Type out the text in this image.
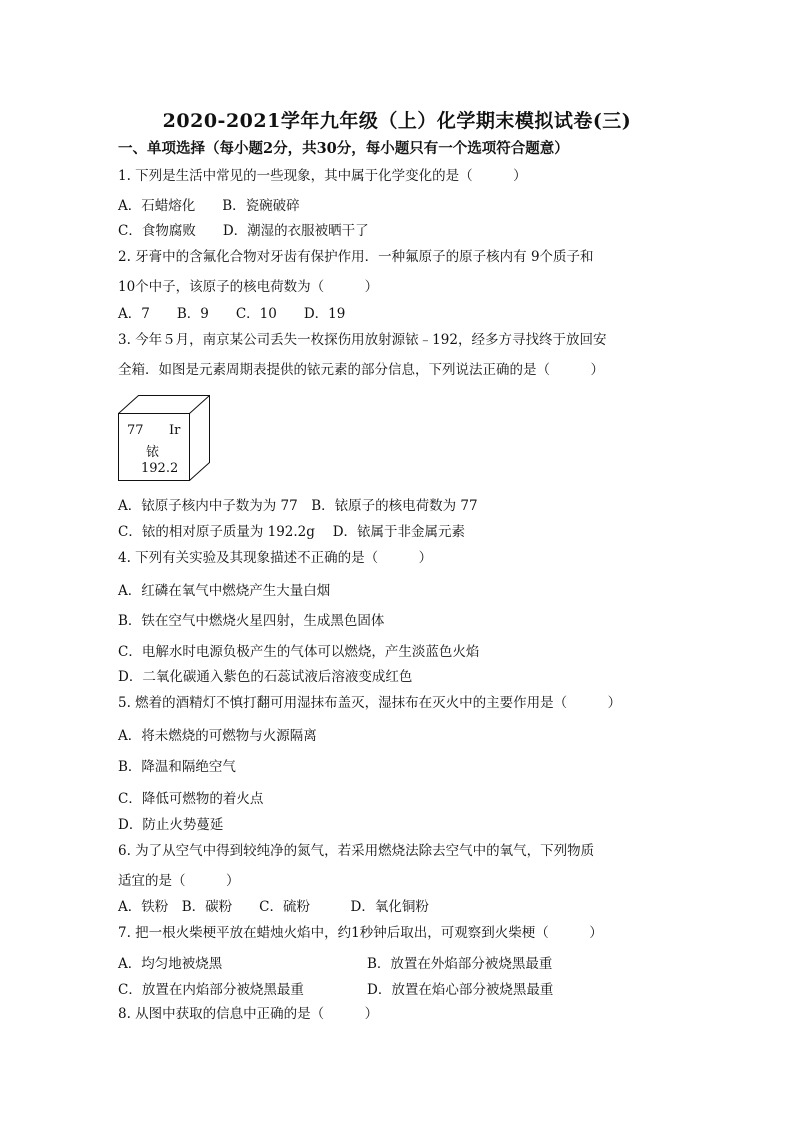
2020-2021学年九年级（上）化学期末模拟试卷(三)
一、单项选择（每小题2分，共30分，每小题只有一个选项符合题意）
1. 下列是生活中常见的一些现象，其中属于化学变化的是（　　　）
A．石蜡熔化　　B．瓷碗破碎
C．食物腐败　　D．潮湿的衣服被晒干了
2. 牙膏中的含氟化合物对牙齿有保护作用．一种氟原子的原子核内有 9个质子和
10个中子，该原子的核电荷数为（　　　）
A．7　　B．9　　C．10　　D．19
3. 今年５月，南京某公司丢失一枚探伤用放射源铱﹣192，经多方寻找终于放回安
全箱．如图是元素周期表提供的铱元素的部分信息，下列说法正确的是（　　　）
77 Ir
铱
192.2
A．铱原子核内中子数为为 77　B．铱原子的核电荷数为 77
C．铱的相对原子质量为 192.2g　 D．铱属于非金属元素
4. 下列有关实验及其现象描述不正确的是（　　　）
A．红磷在氧气中燃烧产生大量白烟
B．铁在空气中燃烧火星四射，生成黑色固体
C．电解水时电源负极产生的气体可以燃烧，产生淡蓝色火焰
D．二氧化碳通入紫色的石蕊试液后溶液变成红色
5. 燃着的酒精灯不慎打翻可用湿抹布盖灭，湿抹布在灭火中的主要作用是（　　　）
A．将未燃烧的可燃物与火源隔离
B．降温和隔绝空气
C．降低可燃物的着火点
D．防止火势蔓延
6. 为了从空气中得到较纯净的氮气，若采用燃烧法除去空气中的氧气，下列物质
适宜的是（　　　）
A．铁粉　B．碳粉　　C．硫粉　　　D．氧化铜粉
7. 把一根火柴梗平放在蜡烛火焰中，约1秒钟后取出，可观察到火柴梗（　　　）
A．均匀地被烧黑	B．放置在外焰部分被烧黑最重
C．放置在内焰部分被烧黑最重	D．放置在焰心部分被烧黑最重
8. 从图中获取的信息中正确的是（　　　）
